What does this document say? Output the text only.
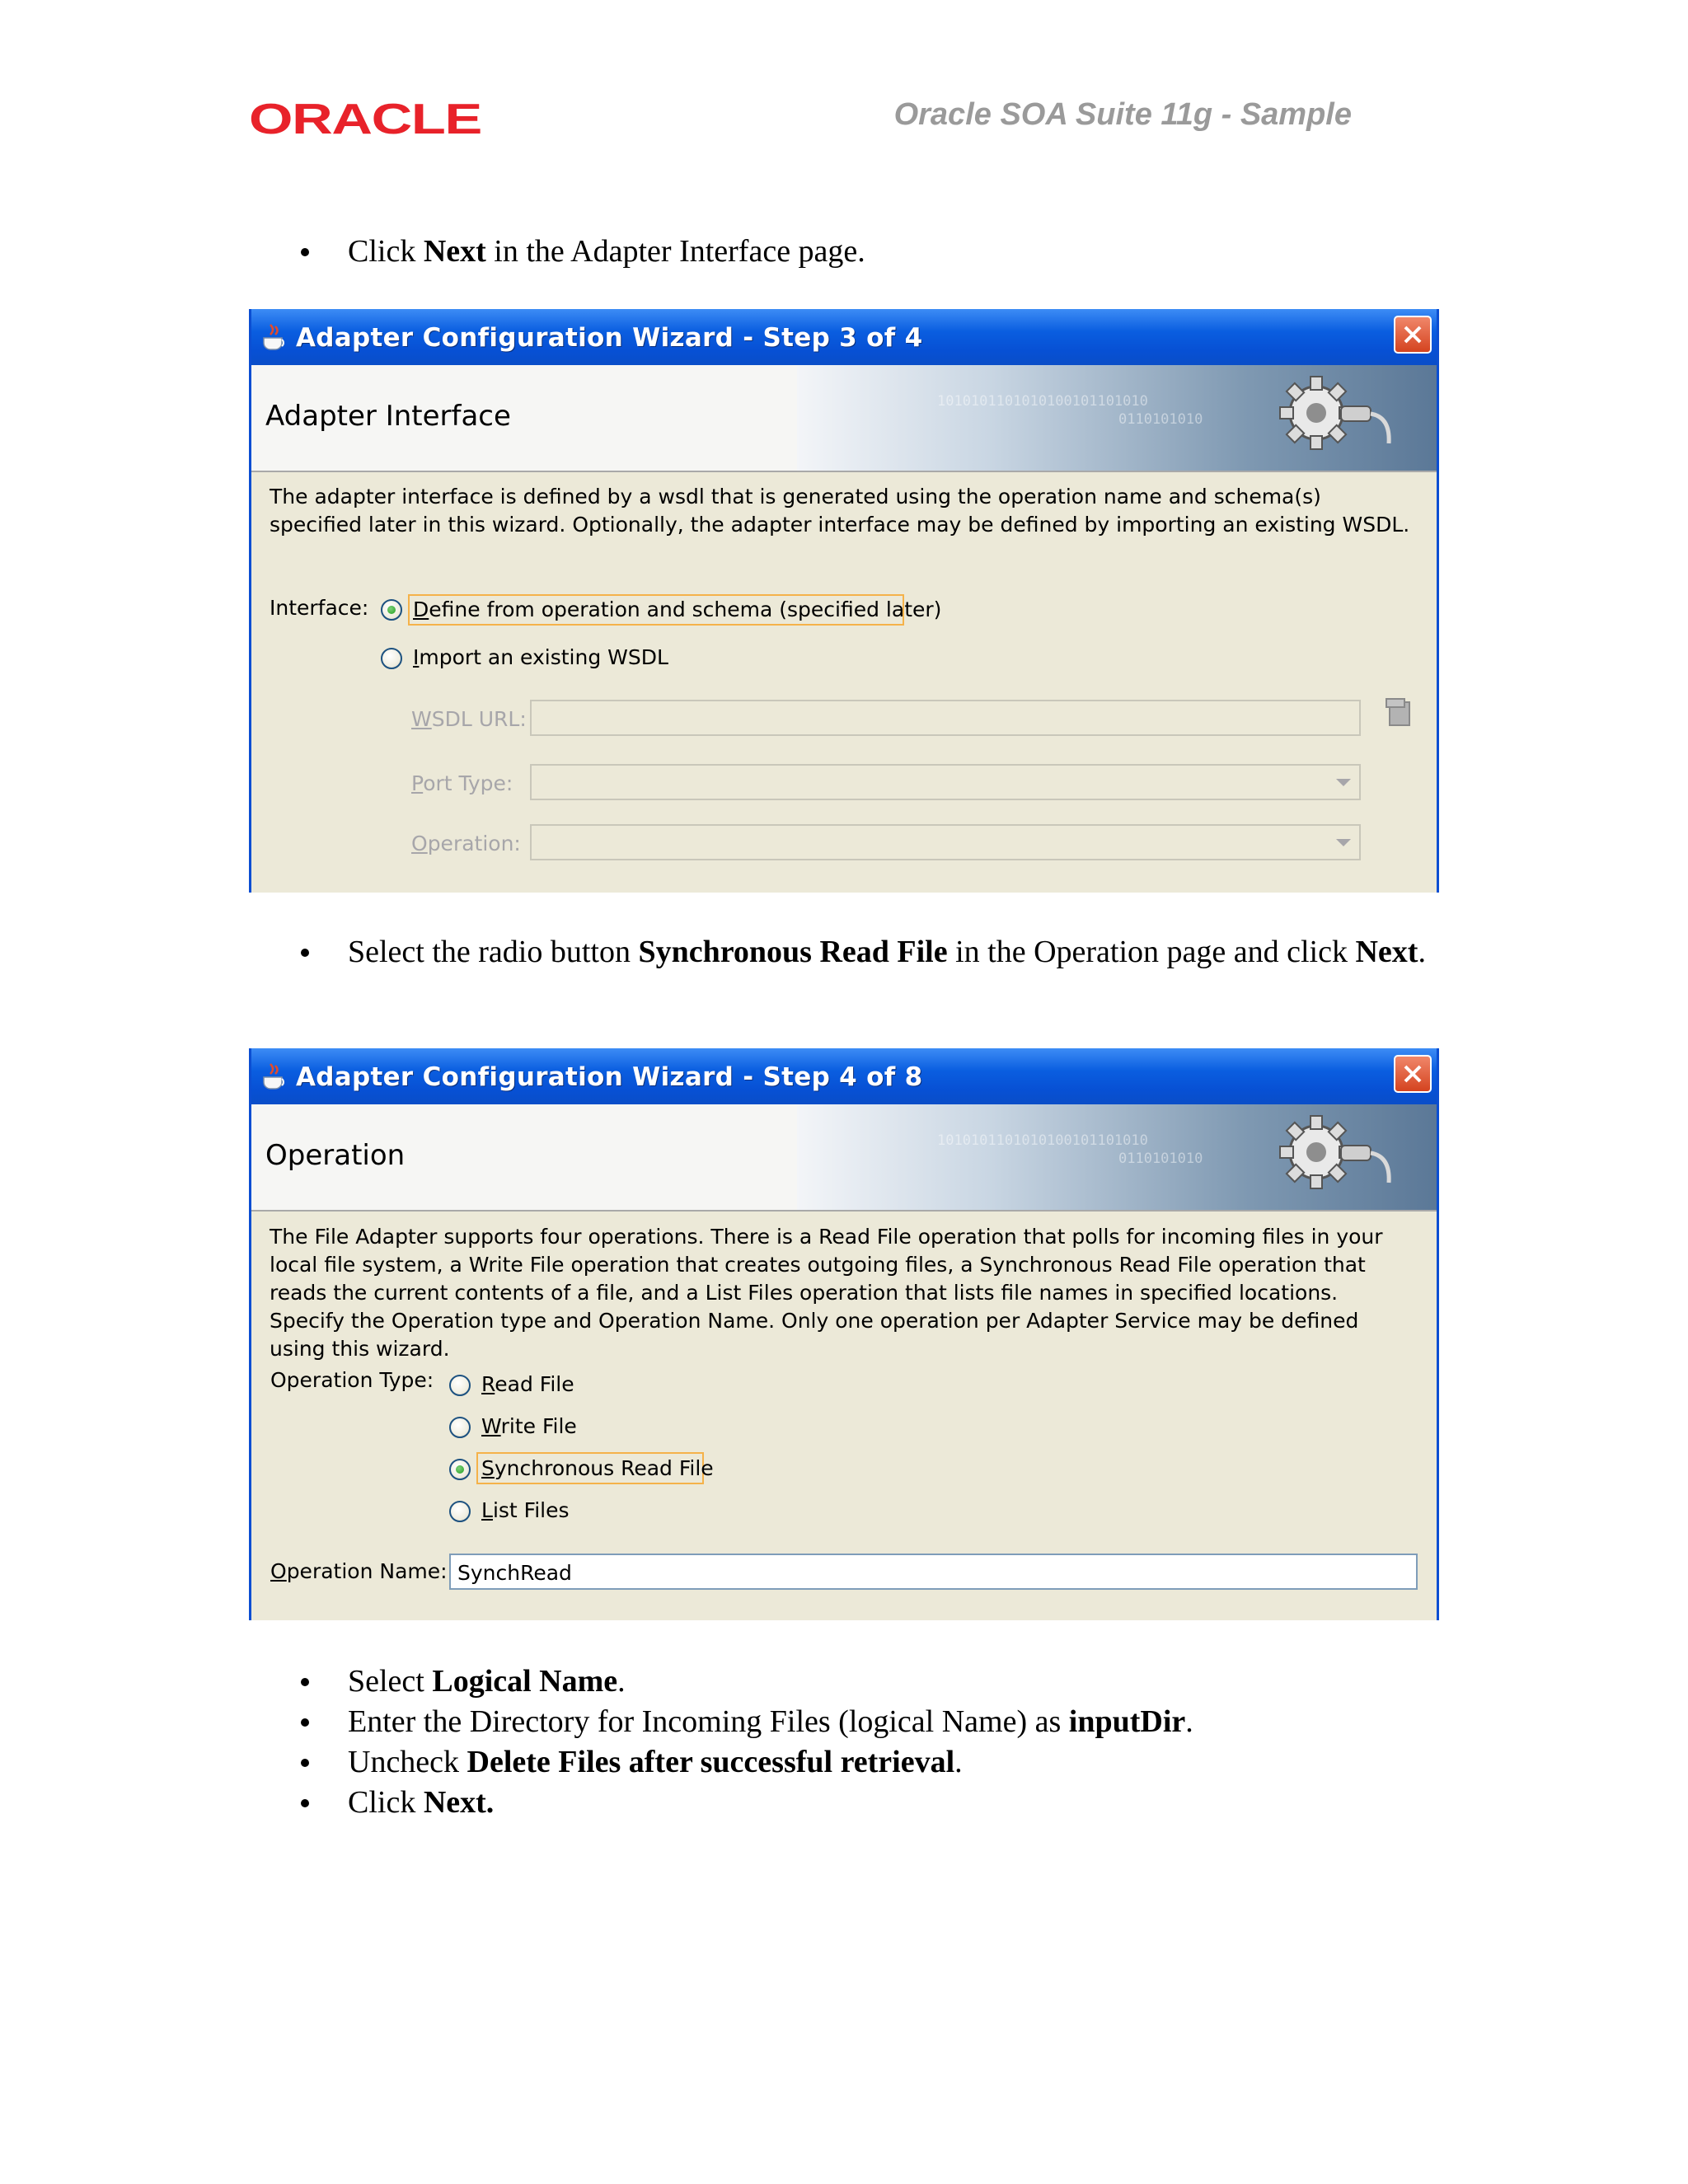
ORACLE	Oracle SOA Suite 11g - Sample
Click Next in the Adapter Interface page.
Adapter Configuration Wizard - Step 3 of 4
1010101101010100101101010
0110101010
Adapter Interface
The adapter interface is defined by a wsdl that is generated using the operation name and schema(s) specified later in this wizard. Optionally, the adapter interface may be defined by importing an existing WSDL.
Interface: Define from operation and schema (specified later)
Import an existing WSDL
WSDL URL:
Port Type:
Operation:
Select the radio button Synchronous Read File in the Operation page and click Next.
Adapter Configuration Wizard - Step 4 of 8
1010101101010100101101010
0110101010
Operation
The File Adapter supports four operations. There is a Read File operation that polls for incoming files in your local file system, a Write File operation that creates outgoing files, a Synchronous Read File operation that reads the current contents of a file, and a List Files operation that lists file names in specified locations. Specify the Operation type and Operation Name. Only one operation per Adapter Service may be defined using this wizard.
Operation Type: Read File
Write File
Synchronous Read File
List Files
Operation Name: SynchRead
Select Logical Name.
Enter the Directory for Incoming Files (logical Name) as inputDir.
Uncheck Delete Files after successful retrieval.
Click Next.
